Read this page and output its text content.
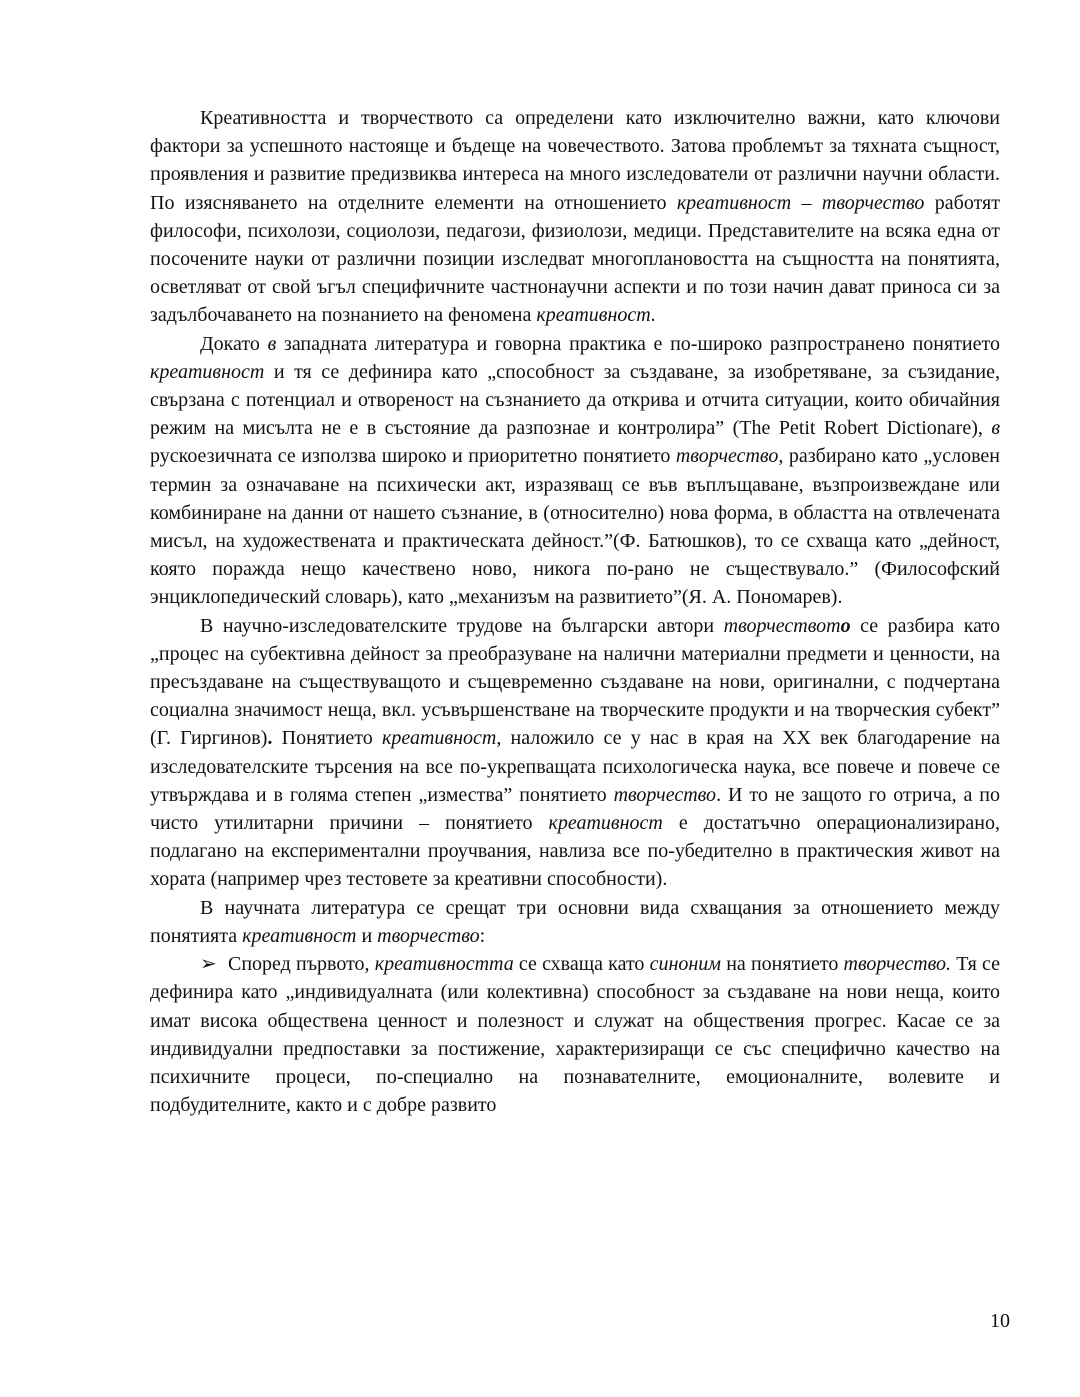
Креативността и творчеството са определени като изключително важни, като ключови фактори за успешното настояще и бъдеще на човечеството. Затова проблемът за тяхната същност, проявления и развитие предизвиква интереса на много изследователи от различни научни области. По изясняването на отделните елементи на отношението креативност – творчество работят философи, психолози, социолози, педагози, физиолози, медици. Представителите на всяка една от посочените науки от различни позиции изследват многоплановостта на същността на понятията, осветляват от свой ъгъл специфичните частнонаучни аспекти и по този начин дават приноса си за задълбочаването на познанието на феномена креативност.

Докато в западната литература и говорна практика е по-широко разпространено понятието креативност и тя се дефинира като „способност за създаване, за изобретяване, за съзидание, свързана с потенциал и отвореност на съзнанието да открива и отчита ситуации, които обичайния режим на мисълта не е в състояние да разпознае и контролира” (The Petit Robert Dictionare), в рускоезичната се използва широко и приоритетно понятието творчество, разбирано като „условен термин за означаване на психически акт, изразяващ се във въплъщаване, възпроизвеждане или комбиниране на данни от нашето съзнание, в (относително) нова форма, в областта на отвлечената мисъл, на художествената и практическата дейност.”(Ф. Батюшков), то се схваща като „дейност, която поражда нещо качествено ново, никога по-рано не съществувало.” (Философский энциклопедический словарь), като „механизъм на развитието”(Я. А. Пономарев).

В научно-изследователските трудове на български автори творчеството се разбира като „процес на субективна дейност за преобразуване на налични материални предмети и ценности, на пресъздаване на съществуващото и същевременно създаване на нови, оригинални, с подчертана социална значимост неща, вкл. усъвършенстване на творческите продукти и на творческия субект” (Г. Гиргинов). Понятието креативност, наложило се у нас в края на XX век благодарение на изследователските търсения на все по-укрепващата психологическа наука, все повече и повече се утвърждава и в голяма степен „измества” понятието творчество. И то не защото го отрича, а по чисто утилитарни причини – понятието креативност е достатъчно операционализирано, подлагано на експериментални проучвания, навлиза все по-убедително в практическия живот на хората (например чрез тестовете за креативни способности).

В научната литература се срещат три основни вида схващания за отношението между понятията креативност и творчество:

➢ Според първото, креативността се схваща като синоним на понятието творчество. Тя се дефинира като „индивидуалната (или колективна) способност за създаване на нови неща, които имат висока обществена ценност и полезност и служат на обществения прогрес. Касае се за индивидуални предпоставки за постижение, характеризиращи се със специфично качество на психичните процеси, по-специално на познавателните, емоционалните, волевите и подбудителните, както и с добре развито

10
